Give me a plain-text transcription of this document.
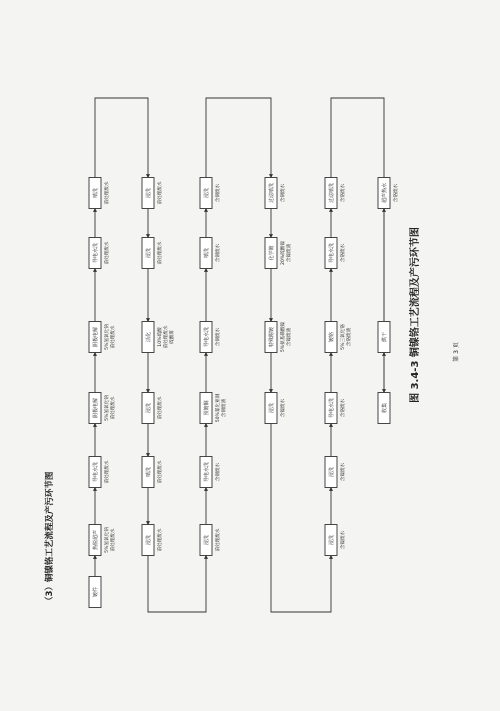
镀件
热脱超声	5%氢氧化钠 前处理废水
导电水洗	前处理废水
阴极电解	5%氢氧化钠 前处理废水
阴极电解	5%氢氧化钠 前处理废水
导电水洗	前处理废水
喷洗	前处理废水	浸洗	前处理废水
浸洗	前处理废水
活化	10%硫酸 前处理废水 硫酸雾
浸洗	前处理废水
喷洗	前处理废水
浸洗	前处理废水	浸洗	前处理废水
导电水洗	含铜废水
预镀铜	50%氰化亚铜 含铜废液
导电水洗	含铜废水
喷洗	含铜废水
浸洗	含铜废水	过滤喷洗	含铜废水
化学镀	20%硫酸镍 含镍废液
特殊附镀	5%氨基磺酸镍 含镍废液
浸洗	含镍废水
浸洗	含镍废水
浸洗	含镍废水
导电水洗	含铬废水
镀铬	5%三氧化铬 含铬废液
导电水洗	含铬废水
过滤喷洗	含铬废水
收集
烘干
超声热水	含铬废水
（3）铜镍铬工艺流程及产污环节图
图 3.4-3 铜镍铬工艺流程及产污环节图	第 3 页
